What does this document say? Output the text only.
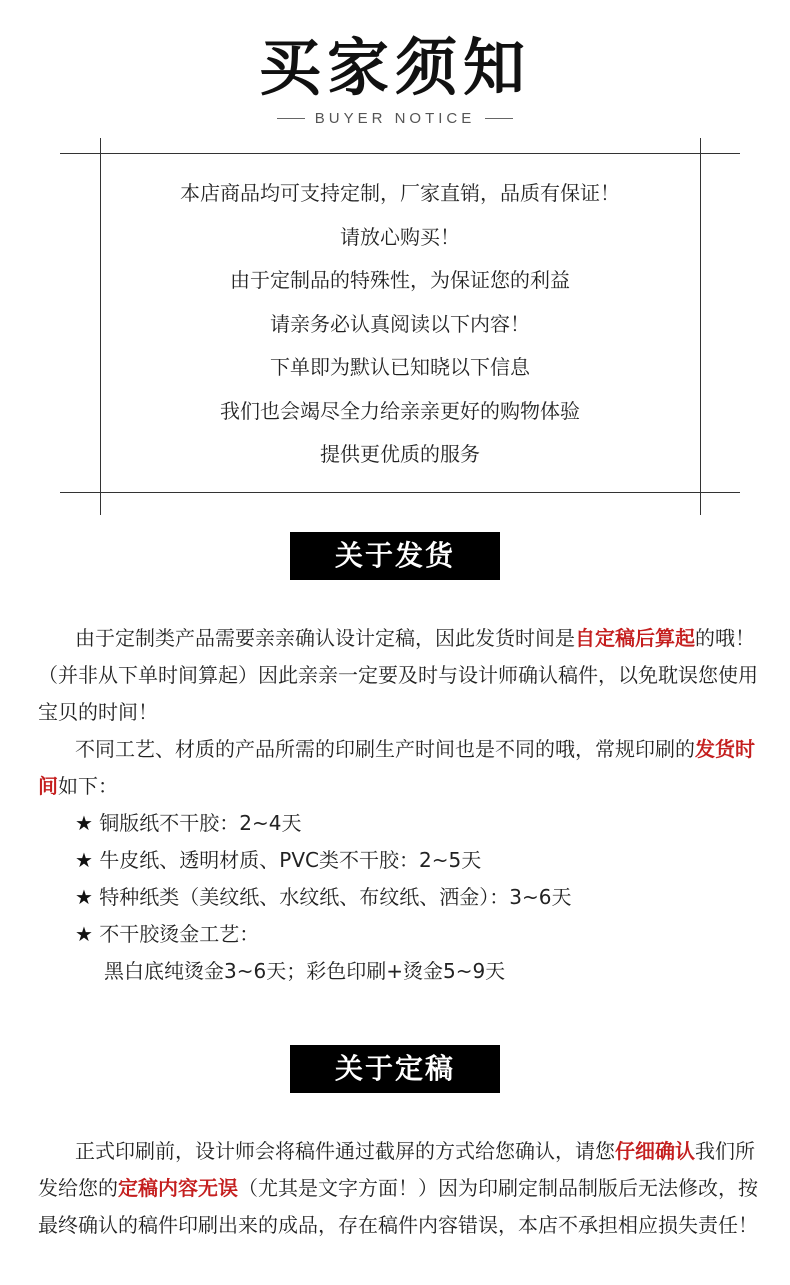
买家须知
BUYER NOTICE
本店商品均可支持定制，厂家直销，品质有保证！
请放心购买！
由于定制品的特殊性，为保证您的利益
请亲务必认真阅读以下内容！
下单即为默认已知晓以下信息
我们也会竭尽全力给亲亲更好的购物体验
提供更优质的服务
关于发货

由于定制类产品需要亲亲确认设计定稿，因此发货时间是自定稿后算起的哦！（并非从下单时间算起）因此亲亲一定要及时与设计师确认稿件，以免耽误您使用宝贝的时间！

不同工艺、材质的产品所需的印刷生产时间也是不同的哦，常规印刷的发货时间如下：

★ 铜版纸不干胶：2~4天

★ 牛皮纸、透明材质、PVC类不干胶：2~5天

★ 特种纸类（美纹纸、水纹纸、布纹纸、洒金）：3~6天

★ 不干胶烫金工艺：

黑白底纯烫金3~6天；彩色印刷+烫金5~9天

关于定稿

正式印刷前，设计师会将稿件通过截屏的方式给您确认，请您仔细确认我们所发给您的定稿内容无误（尤其是文字方面！）因为印刷定制品制版后无法修改，按最终确认的稿件印刷出来的成品，存在稿件内容错误，本店不承担相应损失责任！
